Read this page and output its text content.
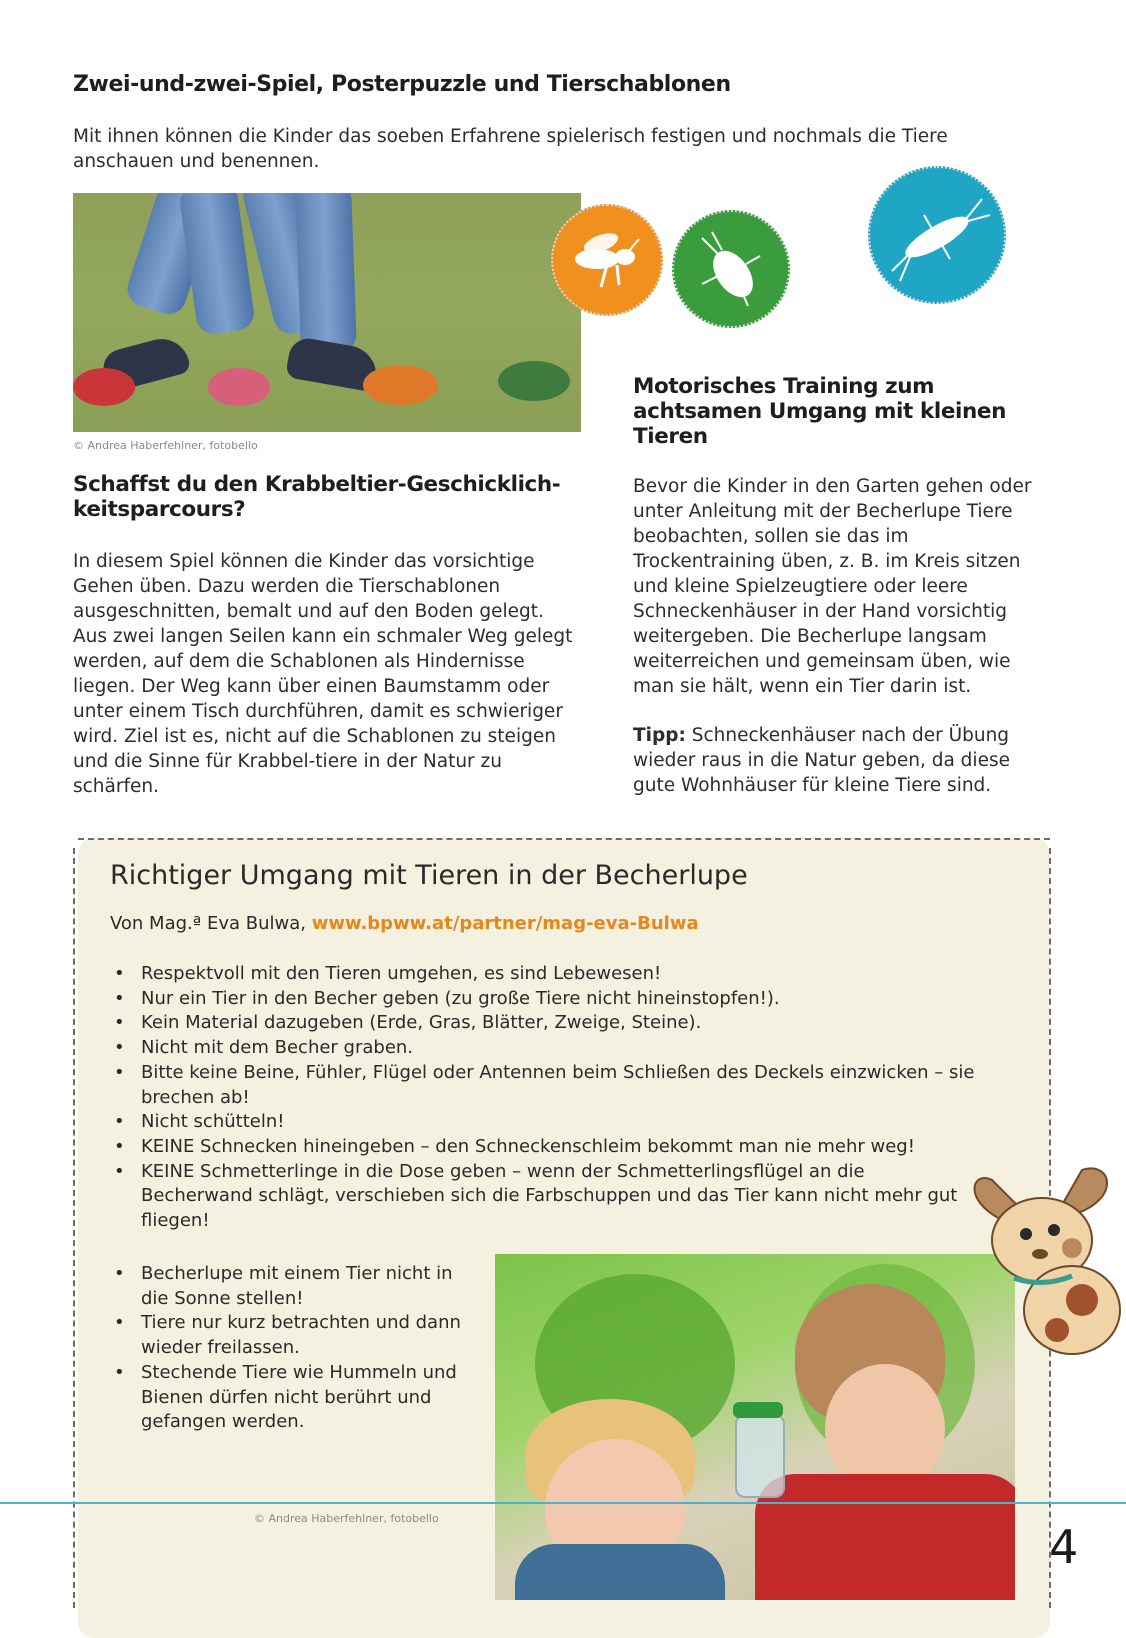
Zwei-und-zwei-Spiel, Posterpuzzle und Tierschablonen

Mit ihnen können die Kinder das soeben Erfahrene spielerisch festigen und nochmals die Tiere anschauen und benennen.

© Andrea Haberfehlner, fotobello
Motorisches Training zum
achtsamen Umgang mit kleinen
Tieren

Bevor die Kinder in den Garten gehen oder unter Anleitung mit der Becherlupe Tiere beobachten, sollen sie das im Trockentraining üben, z. B. im Kreis sitzen und kleine Spielzeugtiere oder leere Schneckenhäuser in der Hand vorsichtig weitergeben. Die Becherlupe langsam weiterreichen und gemeinsam üben, wie man sie hält, wenn ein Tier darin ist.

Tipp: Schneckenhäuser nach der Übung wieder raus in die Natur geben, da diese gute Wohnhäuser für kleine Tiere sind.

Schaffst du den Krabbeltier-Geschicklich-
keitsparcours?

In diesem Spiel können die Kinder das vorsichtige Gehen üben. Dazu werden die Tierschablonen ausgeschnitten, bemalt und auf den Boden gelegt. Aus zwei langen Seilen kann ein schmaler Weg gelegt werden, auf dem die Schablonen als Hindernisse liegen. Der Weg kann über einen Baumstamm oder unter einem Tisch durchführen, damit es schwieriger wird. Ziel ist es, nicht auf die Schablonen zu steigen und die Sinne für Krabbel-tiere in der Natur zu schärfen.

Richtiger Umgang mit Tieren in der Becherlupe
Von Mag.ª Eva Bulwa, www.bpww.at/partner/mag-eva-Bulwa
• Respektvoll mit den Tieren umgehen, es sind Lebewesen!
• Nur ein Tier in den Becher geben (zu große Tiere nicht hineinstopfen!).
• Kein Material dazugeben (Erde, Gras, Blätter, Zweige, Steine).
• Nicht mit dem Becher graben.
• Bitte keine Beine, Fühler, Flügel oder Antennen beim Schließen des Deckels einzwicken – sie brechen ab!
• Nicht schütteln!
• KEINE Schnecken hineingeben – den Schneckenschleim bekommt man nie mehr weg!
• KEINE Schmetterlinge in die Dose geben – wenn der Schmetterlingsflügel an die Becherwand schlägt, verschieben sich die Farbschuppen und das Tier kann nicht mehr gut fliegen!
• Becherlupe mit einem Tier nicht in die Sonne stellen!
• Tiere nur kurz betrachten und dann wieder freilassen.
• Stechende Tiere wie Hummeln und Bienen dürfen nicht berührt und gefangen werden.
© Andrea Haberfehlner, fotobello
4
